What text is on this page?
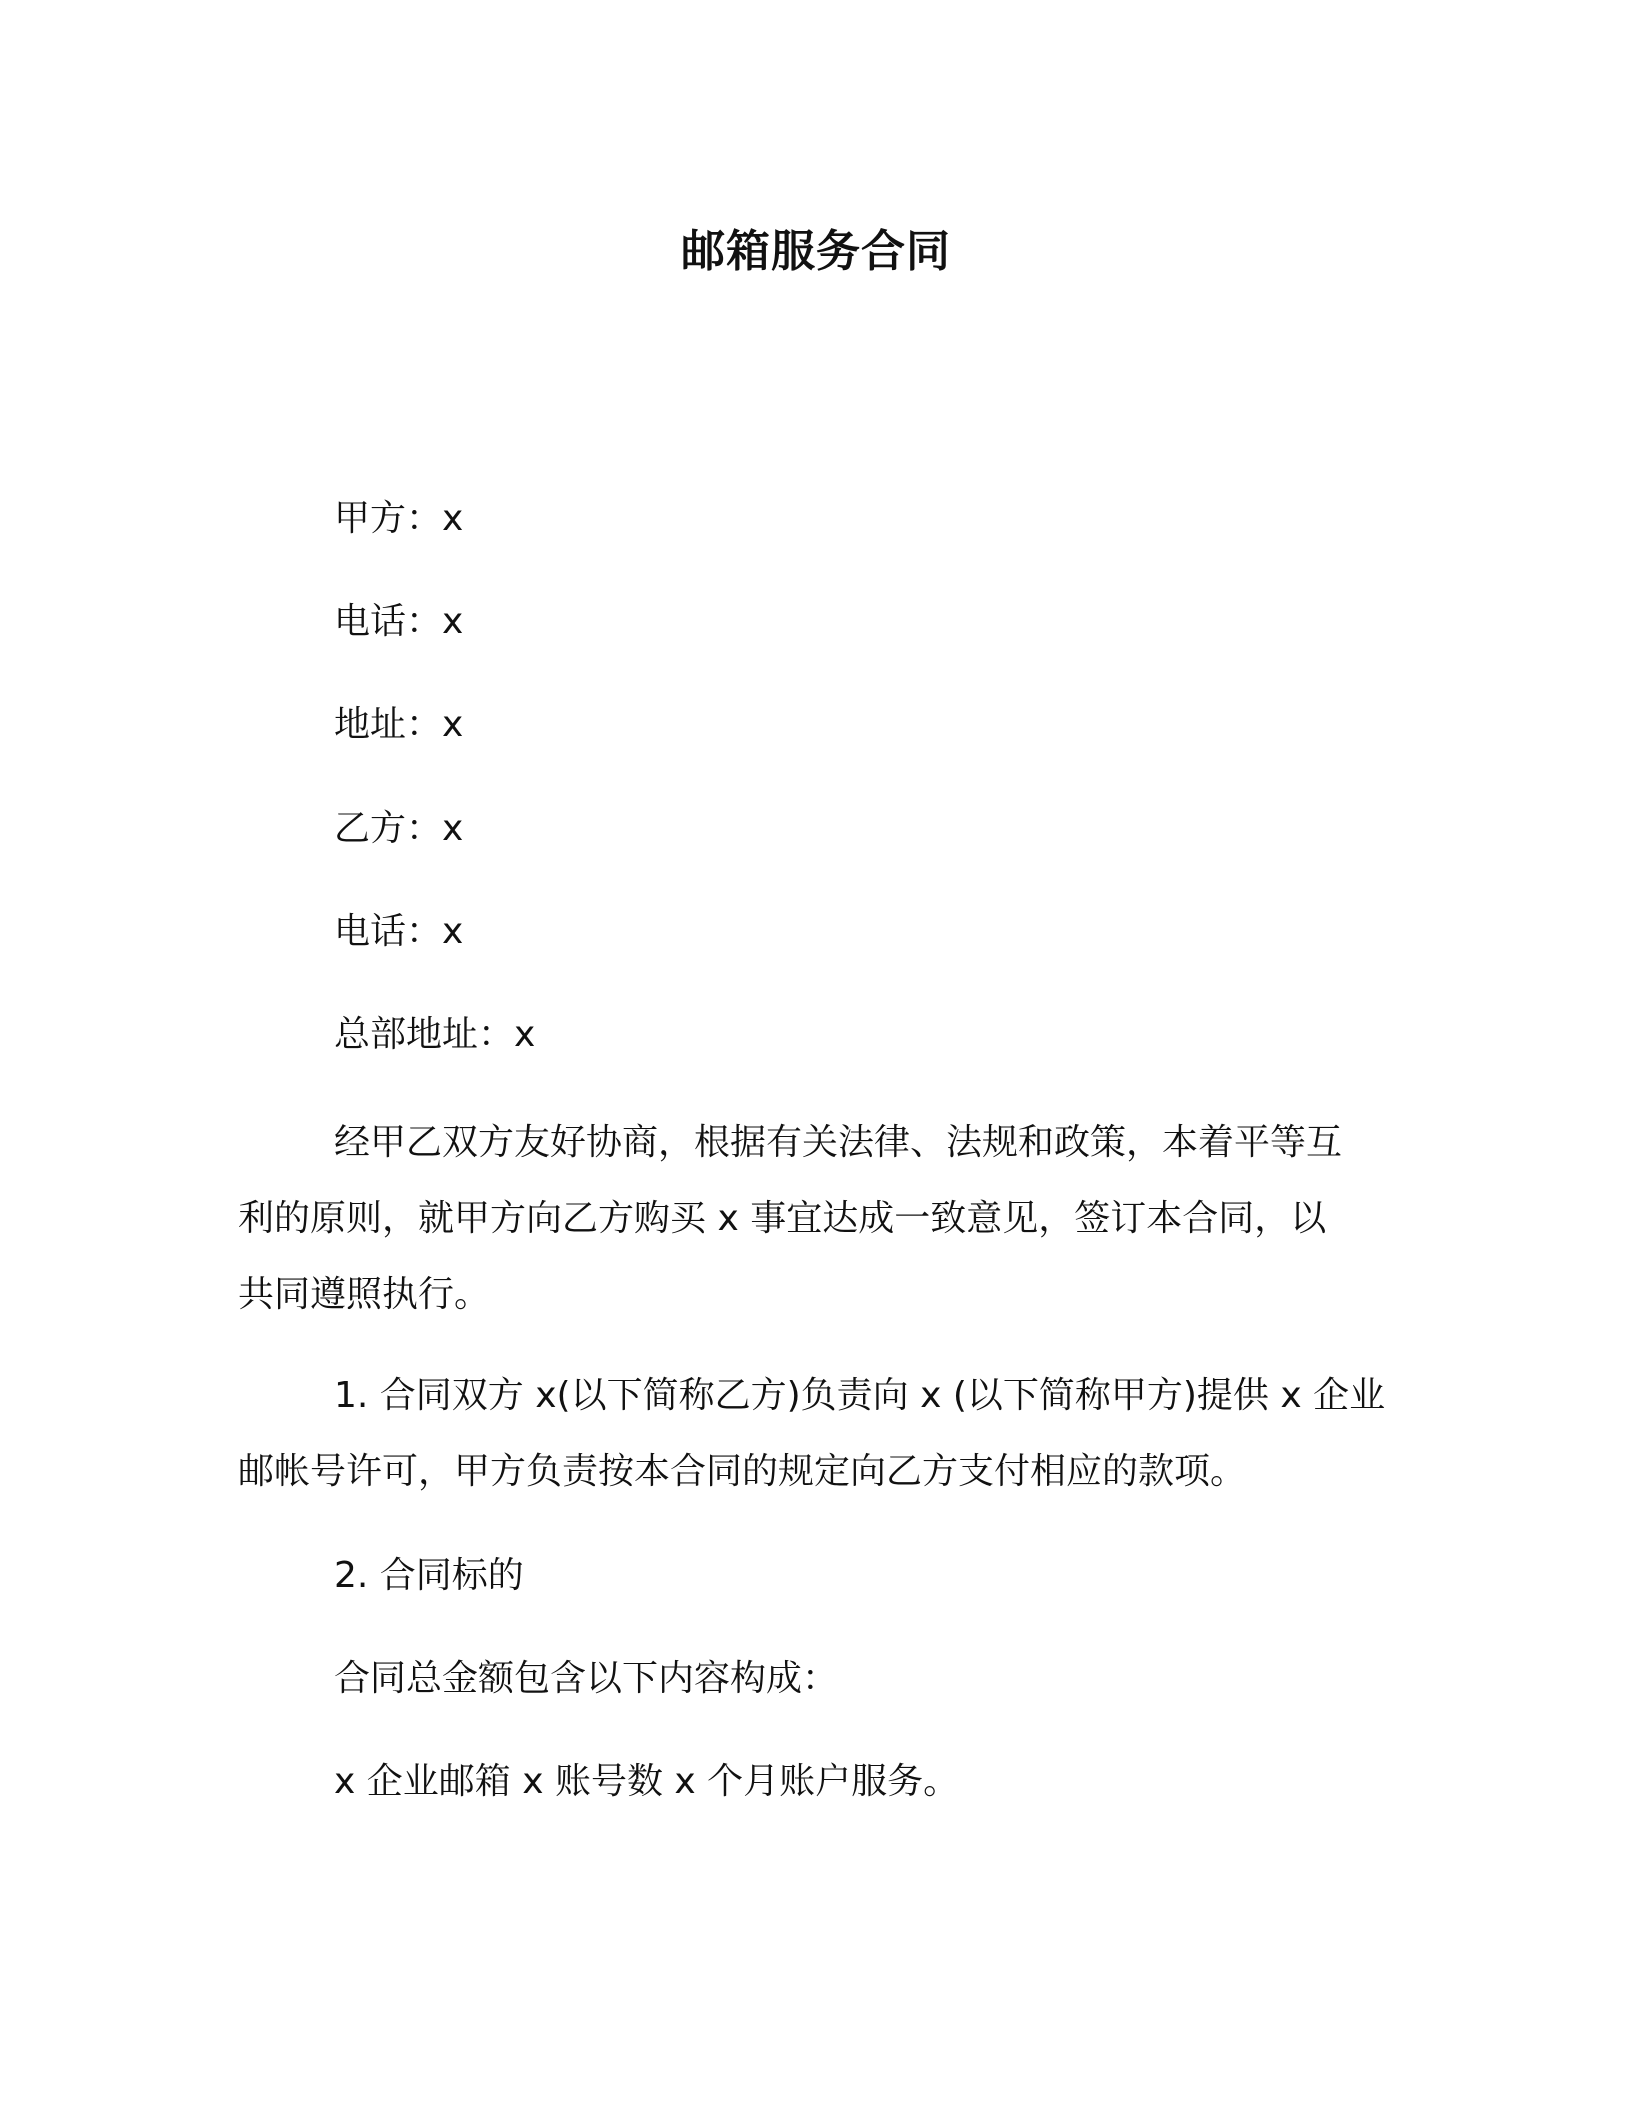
邮箱服务合同
甲方：x
电话：x
地址：x
乙方：x
电话：x
总部地址：x
经甲乙双方友好协商，根据有关法律、法规和政策，本着平等互
利的原则，就甲方向乙方购买 x 事宜达成一致意见，签订本合同，以
共同遵照执行。
1. 合同双方 x(以下简称乙方)负责向 x (以下简称甲方)提供 x 企业
邮帐号许可，甲方负责按本合同的规定向乙方支付相应的款项。
2. 合同标的
合同总金额包含以下内容构成：
x 企业邮箱 x 账号数 x 个月账户服务。
